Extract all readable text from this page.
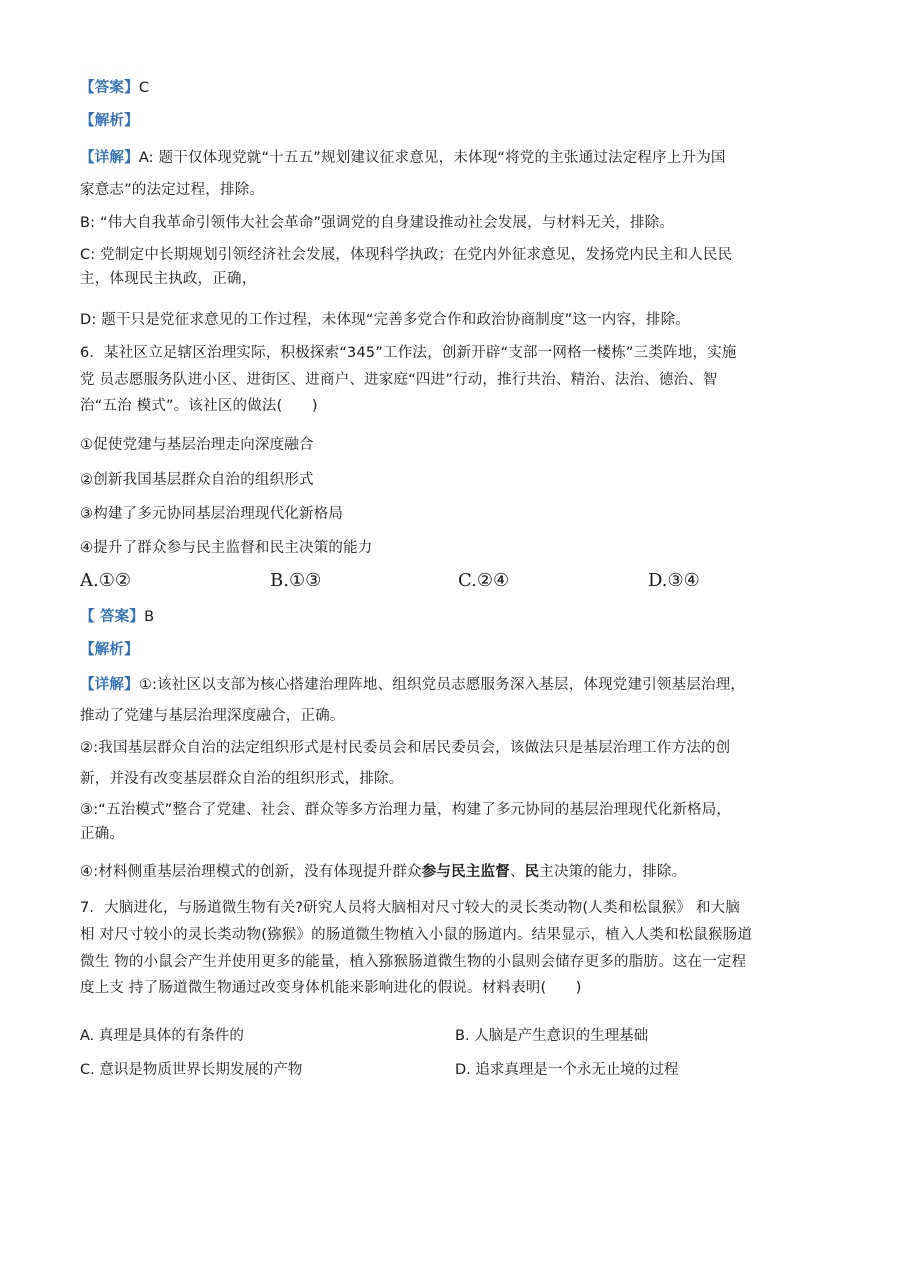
【答案】C
【解析】
【详解】A: 题干仅体现党就“十五五”规划建议征求意见，未体现“将党的主张通过法定程序上升为国
家意志”的法定过程，排除。
B: “伟大自我革命引领伟大社会革命”强调党的自身建设推动社会发展，与材料无关，排除。
C: 党制定中长期规划引领经济社会发展，体现科学执政；在党内外征求意见，发扬党内民主和人民民
主，体现民主执政，正确，
D: 题干只是党征求意见的工作过程，未体现“完善多党合作和政治协商制度”这一内容，排除。
6．某社区立足辖区治理实际，积极探索“345”工作法，创新开辟“支部一网格一楼栋”三类阵地，实施
党 员志愿服务队进小区、进街区、进商户、进家庭“四进”行动，推行共治、精治、法治、德治、智
治“五治 模式”。该社区的做法(　　)
①促使党建与基层治理走向深度融合
②创新我国基层群众自治的组织形式
③构建了多元协同基层治理现代化新格局
④提升了群众参与民主监督和民主决策的能力
A.①②	B.①③	C.②④	D.③④
【 答案】B
【解析】
【详解】①:该社区以支部为核心搭建治理阵地、组织党员志愿服务深入基层，体现党建引领基层治理，
推动了党建与基层治理深度融合，正确。
②:我国基层群众自治的法定组织形式是村民委员会和居民委员会，该做法只是基层治理工作方法的创
新，并没有改变基层群众自治的组织形式，排除。
③:“五治模式”整合了党建、社会、群众等多方治理力量，构建了多元协同的基层治理现代化新格局，
正确。
④:材料侧重基层治理模式的创新，没有体现提升群众参与民主监督、民主决策的能力，排除。
7．大脑进化，与肠道微生物有关?研究人员将大脑相对尺寸较大的灵长类动物(人类和松鼠猴》 和大脑
相 对尺寸较小的灵长类动物(猕猴》的肠道微生物植入小鼠的肠道内。结果显示，植入人类和松鼠猴肠道
微生 物的小鼠会产生并使用更多的能量，植入猕猴肠道微生物的小鼠则会储存更多的脂肪。这在一定程
度上支 持了肠道微生物通过改变身体机能来影响进化的假说。材料表明(　　)
A. 真理是具体的有条件的	B. 人脑是产生意识的生理基础
C. 意识是物质世界长期发展的产物	D. 追求真理是一个永无止境的过程
